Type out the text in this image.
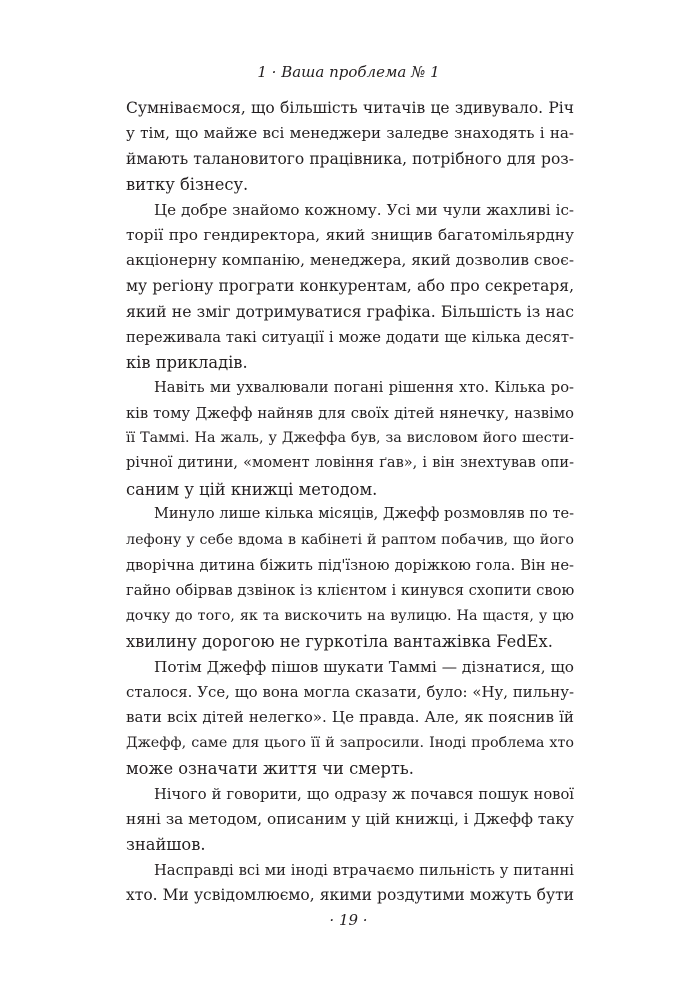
1 · Ваша проблема № 1
Сумніваємося, що більшість читачів це здивувало. Річ
у тім, що майже всі менеджери заледве знаходять і на-
ймають талановитого працівника, потрібного для роз-
витку бізнесу.
Це добре знайомо кожному. Усі ми чули жахливі іс-
торії про гендиректора, який знищив багатомільярдну
акціонерну компанію, менеджера, який дозволив своє-
му регіону програти конкурентам, або про секретаря,
який не зміг дотримуватися графіка. Більшість із нас
переживала такі ситуації і може додати ще кілька десят-
ків прикладів.
Навіть ми ухвалювали погані рішення хто. Кілька ро-
ків тому Джефф найняв для своїх дітей нянечку, назвімо
її Таммі. На жаль, у Джеффа був, за висловом його шести-
річної дитини, «момент ловіння ґав», і він знехтував опи-
саним у цій книжці методом.
Минуло лише кілька місяців, Джефф розмовляв по те-
лефону у себе вдома в кабінеті й раптом побачив, що його
дворічна дитина біжить під'їзною доріжкою гола. Він не-
гайно обірвав дзвінок із клієнтом і кинувся схопити свою
дочку до того, як та вискочить на вулицю. На щастя, у цю
хвилину дорогою не гуркотіла вантажівка FedEx.
Потім Джефф пішов шукати Таммі — дізнатися, що
сталося. Усе, що вона могла сказати, було: «Ну, пильну-
вати всіх дітей нелегко». Це правда. Але, як пояснив їй
Джефф, саме для цього її й запросили. Іноді проблема хто
може означати життя чи смерть.
Нічого й говорити, що одразу ж почався пошук нової
няні за методом, описаним у цій книжці, і Джефф таку
знайшов.
Насправді всі ми іноді втрачаємо пильність у питанні
хто. Ми усвідомлюємо, якими роздутими можуть бути
· 19 ·
